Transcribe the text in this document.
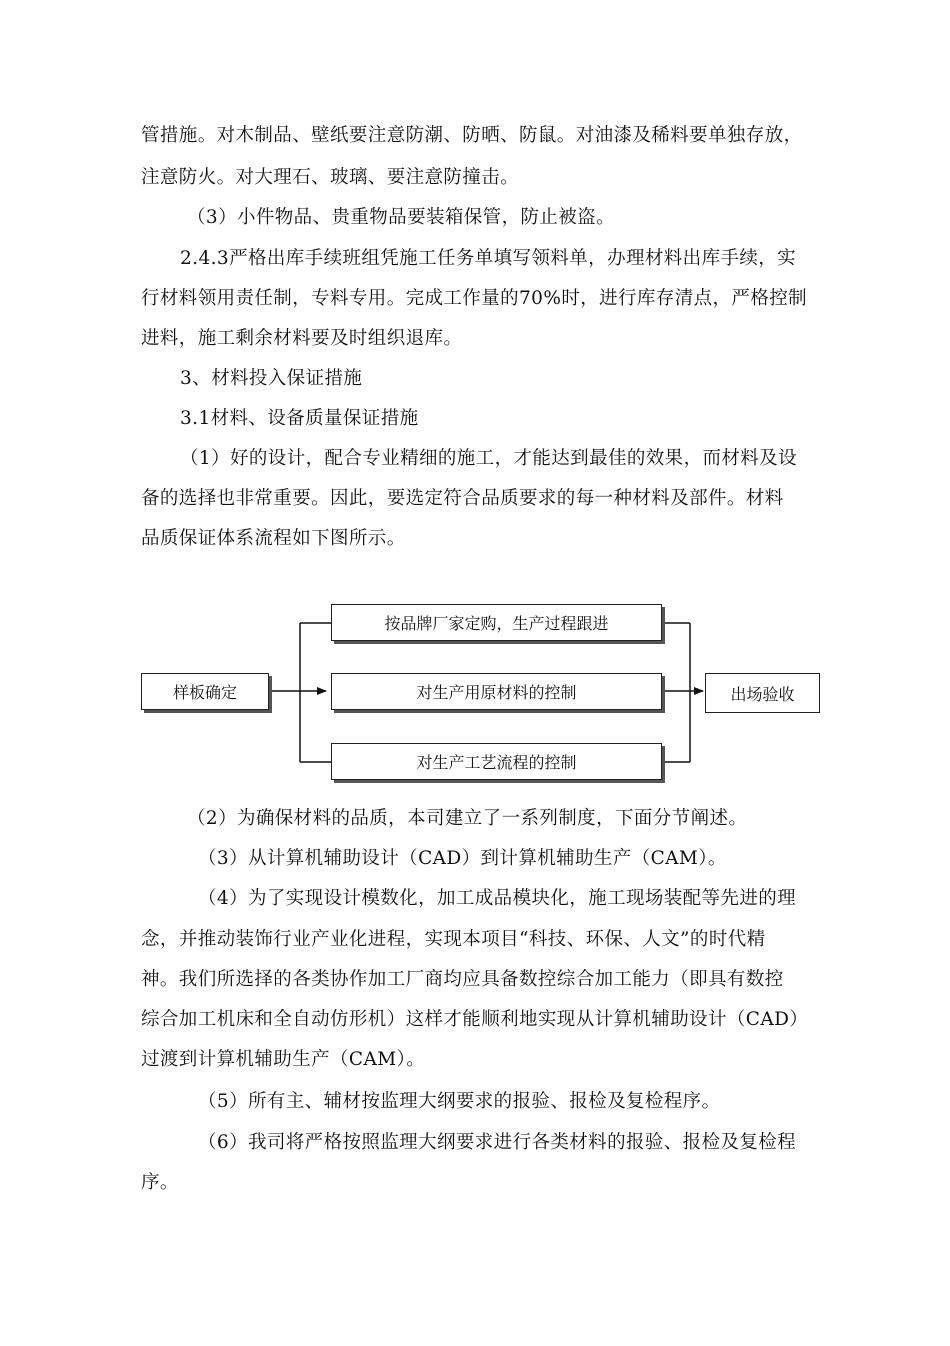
管措施。对木制品、壁纸要注意防潮、防晒、防鼠。对油漆及稀料要单独存放，
注意防火。对大理石、玻璃、要注意防撞击。
（3）小件物品、贵重物品要装箱保管，防止被盗。
2.4.3严格出库手续班组凭施工任务单填写领料单，办理材料出库手续，实
行材料领用责任制，专料专用。完成工作量的70%时，进行库存清点，严格控制
进料，施工剩余材料要及时组织退库。
3、材料投入保证措施
3.1材料、设备质量保证措施
（1）好的设计，配合专业精细的施工，才能达到最佳的效果，而材料及设
备的选择也非常重要。因此，要选定符合品质要求的每一种材料及部件。材料
品质保证体系流程如下图所示。
样板确定
按品牌厂家定购，生产过程跟进
对生产用原材料的控制
对生产工艺流程的控制
出场验收
（2）为确保材料的品质，本司建立了一系列制度，下面分节阐述。
（3）从计算机辅助设计（CAD）到计算机辅助生产（CAM）。
（4）为了实现设计模数化，加工成品模块化，施工现场装配等先进的理
念，并推动装饰行业产业化进程，实现本项目“科技、环保、人文”的时代精
神。我们所选择的各类协作加工厂商均应具备数控综合加工能力（即具有数控
综合加工机床和全自动仿形机）这样才能顺利地实现从计算机辅助设计（CAD）
过渡到计算机辅助生产（CAM）。
（5）所有主、辅材按监理大纲要求的报验、报检及复检程序。
（6）我司将严格按照监理大纲要求进行各类材料的报验、报检及复检程
序。
